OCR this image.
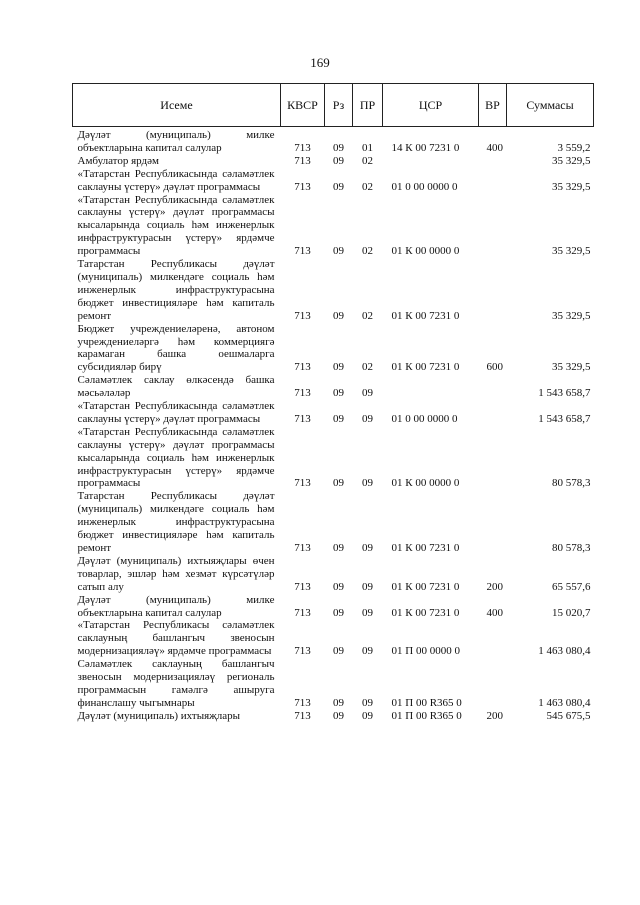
169
Исеме	КВСР	Рз	ПР	ЦСР	ВР	Суммасы
Дәүләт (муниципаль) милке объектларына капитал салулар	713	09	01	14 К 00 7231 0	400	3 559,2
Амбулатор ярдәм	713	09	02			35 329,5
«Татарстан Республикасында сәламәтлек саклауны үстерү» дәүләт программасы	713	09	02	01 0 00 0000 0		35 329,5
«Татарстан Республикасында сәламәтлек саклауны үстерү» дәүләт программасы кысаларында социаль һәм инженерлык инфраструктурасын үстерү» ярдәмче программасы	713	09	02	01 К 00 0000 0		35 329,5
Татарстан Республикасы дәүләт (муниципаль) милкендәге социаль һәм инженерлык инфраструктурасына бюджет инвестицияләре һәм капиталь ремонт	713	09	02	01 К 00 7231 0		35 329,5
Бюджет учреждениеләренә, автоном учреждениеләргә һәм коммерциягә карамаган башка оешмаларга субсидияләр бирү	713	09	02	01 К 00 7231 0	600	35 329,5
Сәламәтлек саклау өлкәсендә башка мәсьәләләр	713	09	09			1 543 658,7
«Татарстан Республикасында сәламәтлек саклауны үстерү» дәүләт программасы	713	09	09	01 0 00 0000 0		1 543 658,7
«Татарстан Республикасында сәламәтлек саклауны үстерү» дәүләт программасы кысаларында социаль һәм инженерлык инфраструктурасын үстерү» ярдәмче программасы	713	09	09	01 К 00 0000 0		80 578,3
Татарстан Республикасы дәүләт (муниципаль) милкендәге социаль һәм инженерлык инфраструктурасына бюджет инвестицияләре һәм капиталь ремонт	713	09	09	01 К 00 7231 0		80 578,3
Дәүләт (муниципаль) ихтыяҗлары өчен товарлар, эшләр һәм хезмәт күрсәтүләр сатып алу	713	09	09	01 К 00 7231 0	200	65 557,6
Дәүләт (муниципаль) милке объектларына капитал салулар	713	09	09	01 К 00 7231 0	400	15 020,7
«Татарстан Республикасы сәламәтлек саклауның башлангыч звеносын модернизацияләү» ярдәмче программасы	713	09	09	01 П 00 0000 0		1 463 080,4
Сәламәтлек саклауның башлангыч звеносын модернизацияләү региональ программасын гамәлгә ашыруга финанслашу чыгымнары	713	09	09	01 П 00 R365 0		1 463 080,4
Дәүләт (муниципаль) ихтыяҗлары	713	09	09	01 П 00 R365 0	200	545 675,5
